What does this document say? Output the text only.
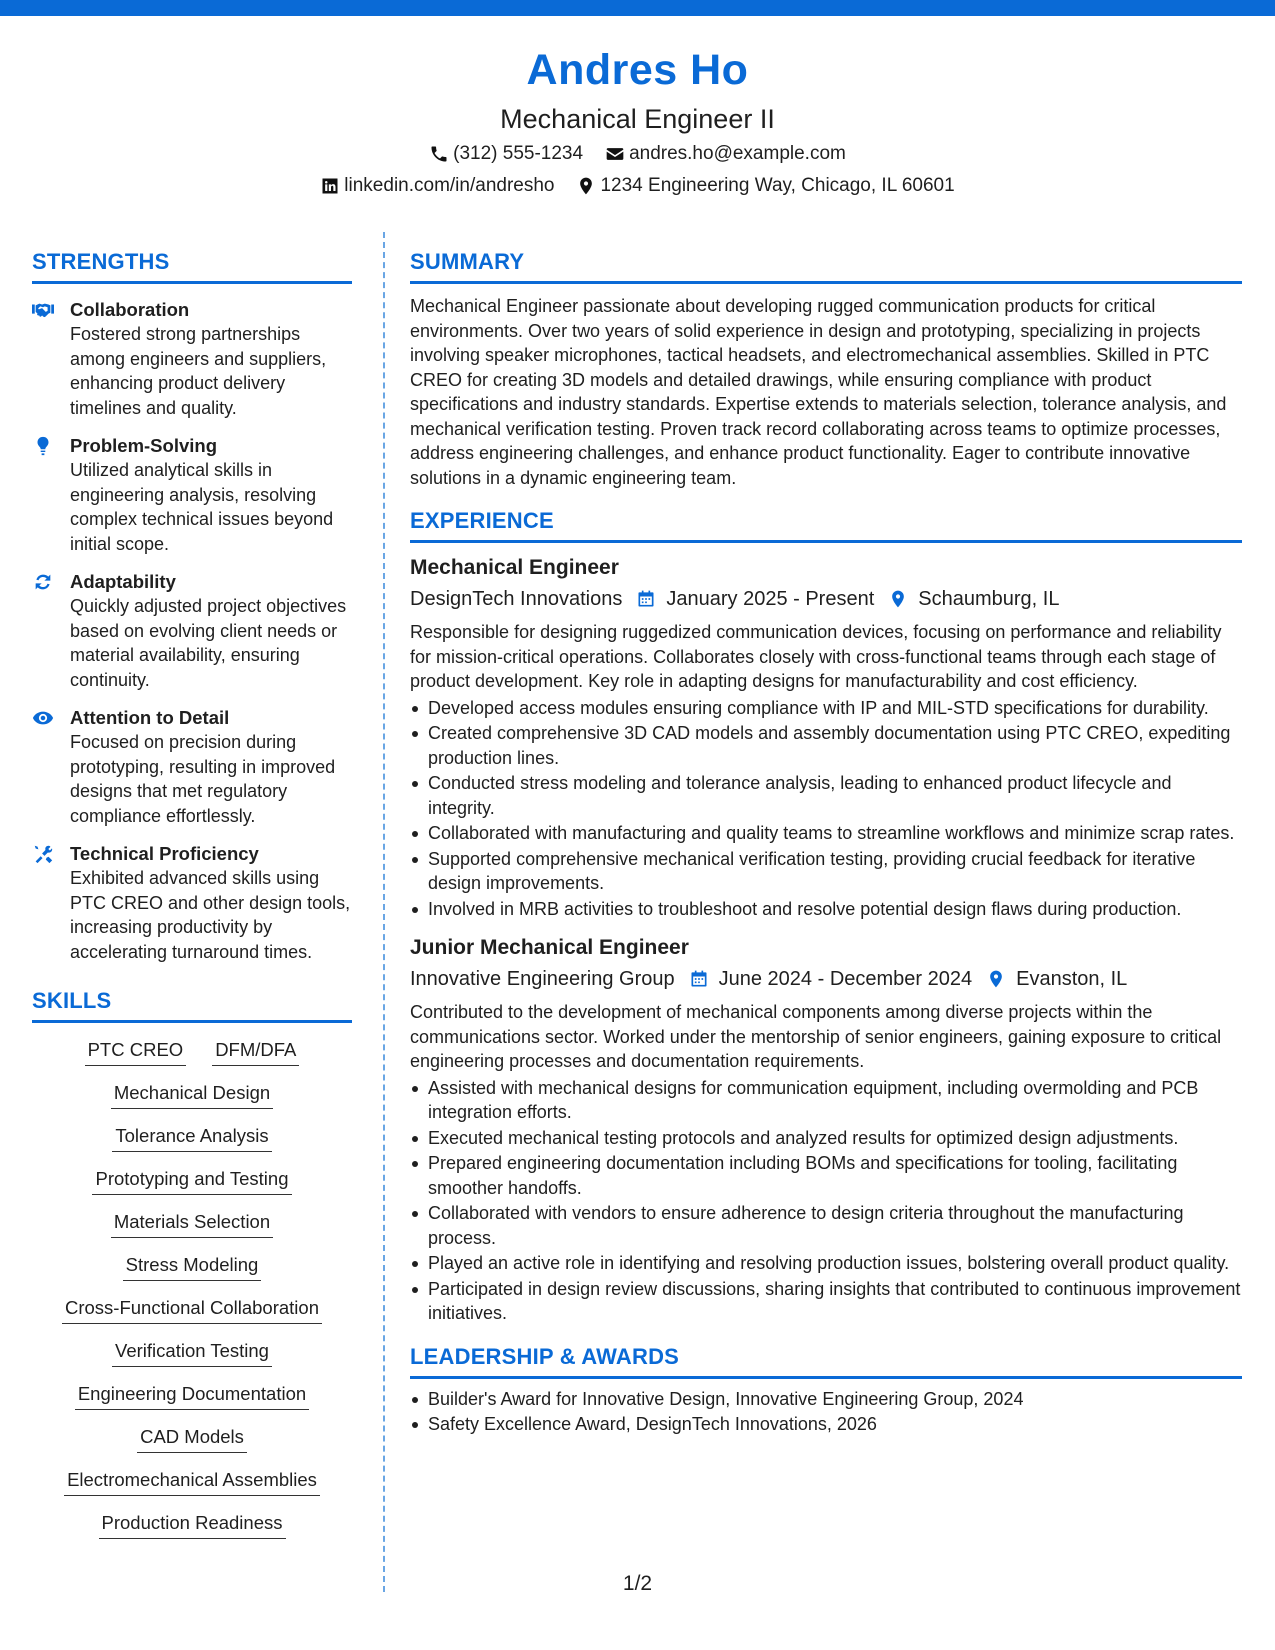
Andres Ho
Mechanical Engineer II
(312) 555-1234 andres.ho@example.com
linkedin.com/in/andresho 1234 Engineering Way, Chicago, IL 60601
STRENGTHS
Collaboration
Fostered strong partnerships among engineers and suppliers, enhancing product delivery timelines and quality.
Problem-Solving
Utilized analytical skills in engineering analysis, resolving complex technical issues beyond initial scope.
Adaptability
Quickly adjusted project objectives based on evolving client needs or material availability, ensuring continuity.
Attention to Detail
Focused on precision during prototyping, resulting in improved designs that met regulatory compliance effortlessly.
Technical Proficiency
Exhibited advanced skills using PTC CREO and other design tools, increasing productivity by accelerating turnaround times.
SKILLS
PTC CREO DFM/DFA
Mechanical Design
Tolerance Analysis
Prototyping and Testing
Materials Selection
Stress Modeling
Cross-Functional Collaboration
Verification Testing
Engineering Documentation
CAD Models
Electromechanical Assemblies
Production Readiness
SUMMARY
Mechanical Engineer passionate about developing rugged communication products for critical environments. Over two years of solid experience in design and prototyping, specializing in projects involving speaker microphones, tactical headsets, and electromechanical assemblies. Skilled in PTC CREO for creating 3D models and detailed drawings, while ensuring compliance with product specifications and industry standards. Expertise extends to materials selection, tolerance analysis, and mechanical verification testing. Proven track record collaborating across teams to optimize processes, address engineering challenges, and enhance product functionality. Eager to contribute innovative solutions in a dynamic engineering team.
EXPERIENCE
Mechanical Engineer
DesignTech Innovations January 2025 - Present Schaumburg, IL
Responsible for designing ruggedized communication devices, focusing on performance and reliability for mission-critical operations. Collaborates closely with cross-functional teams through each stage of product development. Key role in adapting designs for manufacturability and cost efficiency.
Developed access modules ensuring compliance with IP and MIL-STD specifications for durability.
Created comprehensive 3D CAD models and assembly documentation using PTC CREO, expediting production lines.
Conducted stress modeling and tolerance analysis, leading to enhanced product lifecycle and integrity.
Collaborated with manufacturing and quality teams to streamline workflows and minimize scrap rates.
Supported comprehensive mechanical verification testing, providing crucial feedback for iterative design improvements.
Involved in MRB activities to troubleshoot and resolve potential design flaws during production.
Junior Mechanical Engineer
Innovative Engineering Group June 2024 - December 2024 Evanston, IL
Contributed to the development of mechanical components among diverse projects within the communications sector. Worked under the mentorship of senior engineers, gaining exposure to critical engineering processes and documentation requirements.
Assisted with mechanical designs for communication equipment, including overmolding and PCB integration efforts.
Executed mechanical testing protocols and analyzed results for optimized design adjustments.
Prepared engineering documentation including BOMs and specifications for tooling, facilitating smoother handoffs.
Collaborated with vendors to ensure adherence to design criteria throughout the manufacturing process.
Played an active role in identifying and resolving production issues, bolstering overall product quality.
Participated in design review discussions, sharing insights that contributed to continuous improvement initiatives.
LEADERSHIP & AWARDS
Builder's Award for Innovative Design, Innovative Engineering Group, 2024
Safety Excellence Award, DesignTech Innovations, 2026
1/2
